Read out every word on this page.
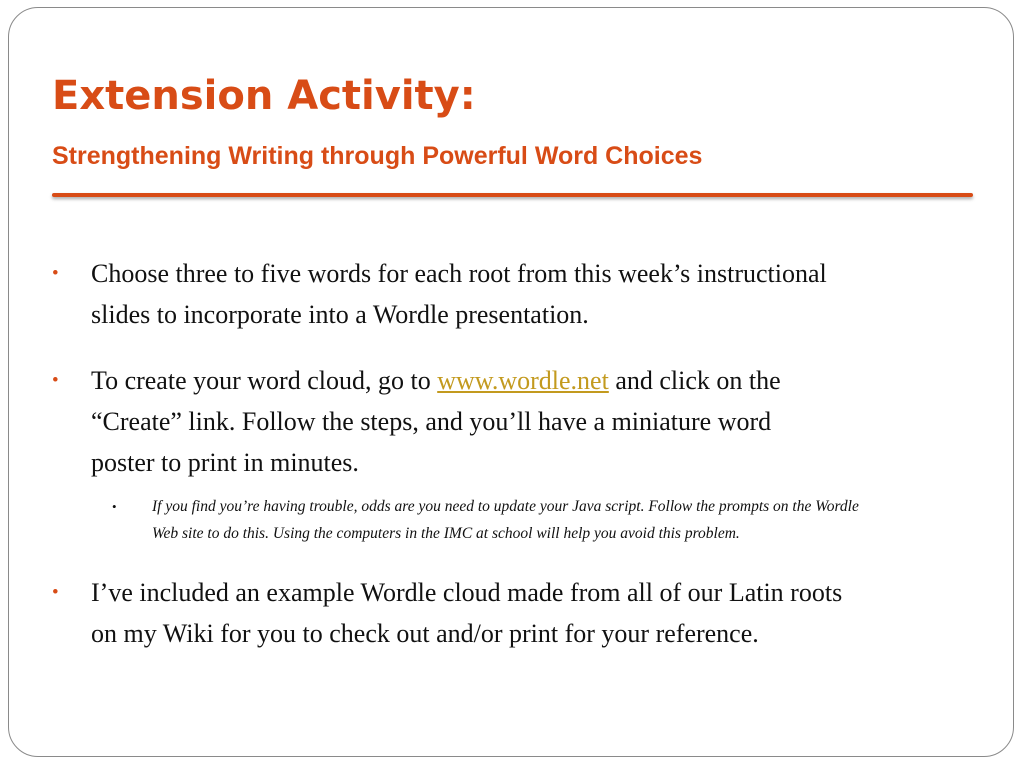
Extension Activity:
Strengthening Writing through Powerful Word Choices
•	Choose three to five words for each root from this week’s instructional
slides to incorporate into a Wordle presentation.
•	To create your word cloud, go to www.wordle.net and click on the
“Create” link. Follow the steps, and you’ll have a miniature word
poster to print in minutes.
• If you find you’re having trouble, odds are you need to update your Java script. Follow the prompts on the Wordle
Web site to do this. Using the computers in the IMC at school will help you avoid this problem.
•	I’ve included an example Wordle cloud made from all of our Latin roots
on my Wiki for you to check out and/or print for your reference.
